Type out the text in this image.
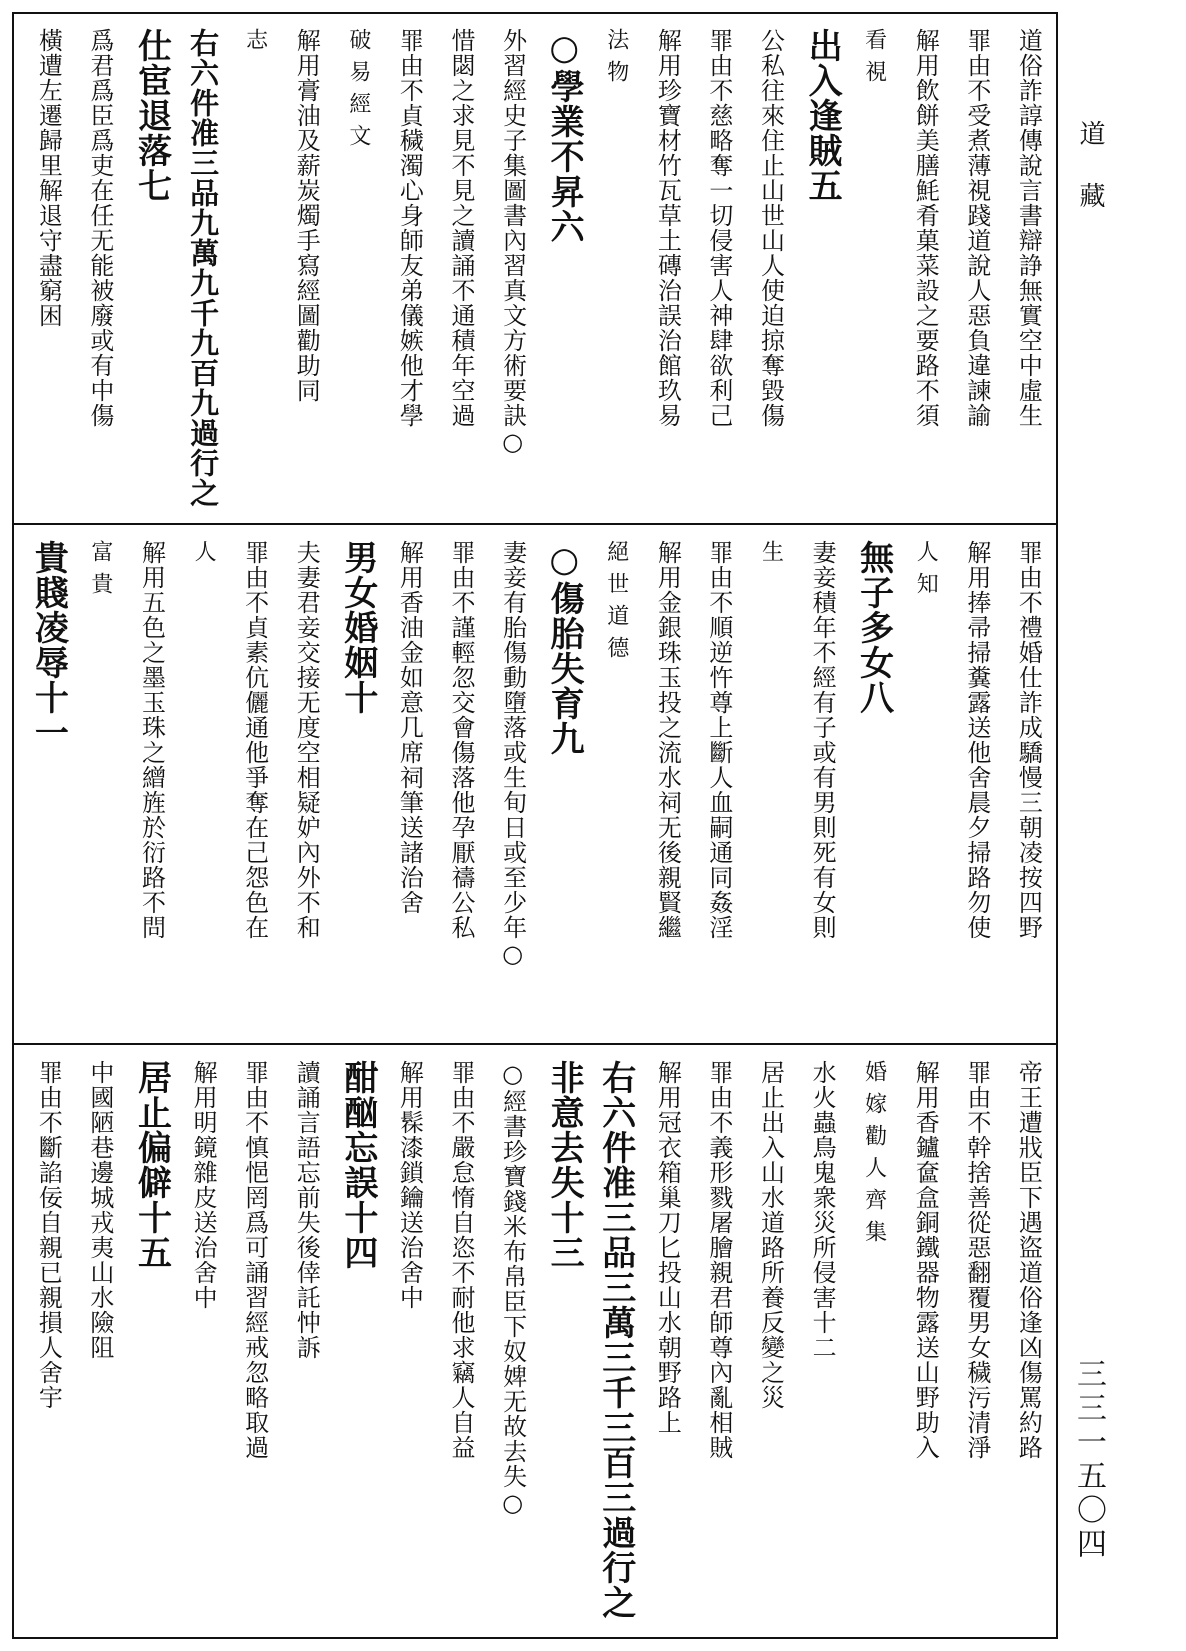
道藏
三三一五〇四
道俗詐諄傳說言書辯諍無實空中虛生
罪由不受煮薄視踐道說人惡負違諫諭
解用飲餅美膳魹肴菓菜設之要路不須
看視
出入逢賊五
公私往來住止山世山人使迫掠奪毀傷
罪由不慈略奪一切侵害人神肆欲利己
解用珍寶材竹瓦草土磚治誤治館玖易
法物
○學業不昇六
外習經史子集圖書內習真文方術要訣○
惜閟之求見不見之讀誦不通積年空過
罪由不貞穢濁心身師友弟儀嫉他才學
破易經文
解用膏油及薪炭燭手寫經圖勸助同
志
右六件准三品九萬九千九百九過行之
仕宦退落七
爲君爲臣爲吏在任无能被廢或有中傷
橫遭左遷歸里解退守盡窮困
罪由不禮婚仕詐成驕慢三朝凌按四野
解用捧帚掃糞露送他舍晨夕掃路勿使
人知
無子多女八
妻妾積年不經有子或有男則死有女則
生
罪由不順逆忤尊上斷人血嗣通同姦淫
解用金銀珠玉投之流水祠无後親賢繼
絕世道德
○傷胎失育九
妻妾有胎傷動墮落或生旬日或至少年○
罪由不謹輕忽交會傷落他孕厭禱公私
解用香油金如意几席祠筆送諸治舍
男女婚姻十
夫妻君妾交接无度空相疑妒內外不和
罪由不貞素伉儷通他爭奪在己怨色在
人
解用五色之墨玉珠之繒旌於衍路不問
富貴
貴賤凌辱十一
帝王遭戕臣下遇盜道俗逢凶傷罵約路
罪由不幹捨善從惡翻覆男女穢污清淨
解用香鑪奩盒銅鐵器物露送山野助入
婚嫁勸人齊集
水火蟲鳥鬼衆災所侵害十二
居止出入山水道路所養反變之災
罪由不義形戮屠膾親君師尊內亂相賊
解用冠衣箱巢刀匕投山水朝野路上
右六件准三品三萬三千三百三過行之
非意去失十三
○經書珍寶錢米布帛臣下奴婢无故去失○
罪由不嚴怠惰自恣不耐他求竊人自益
解用髹漆鎖鑰送治舍中
酣酗忘誤十四
讀誦言語忘前失後倖託忡訴
罪由不慎悒罔爲可誦習經戒忽略取過
解用明鏡雜皮送治舍中
居止偏僻十五
中國陋巷邊城戎夷山水險阻
罪由不斷諂佞自親已親損人舍宇
